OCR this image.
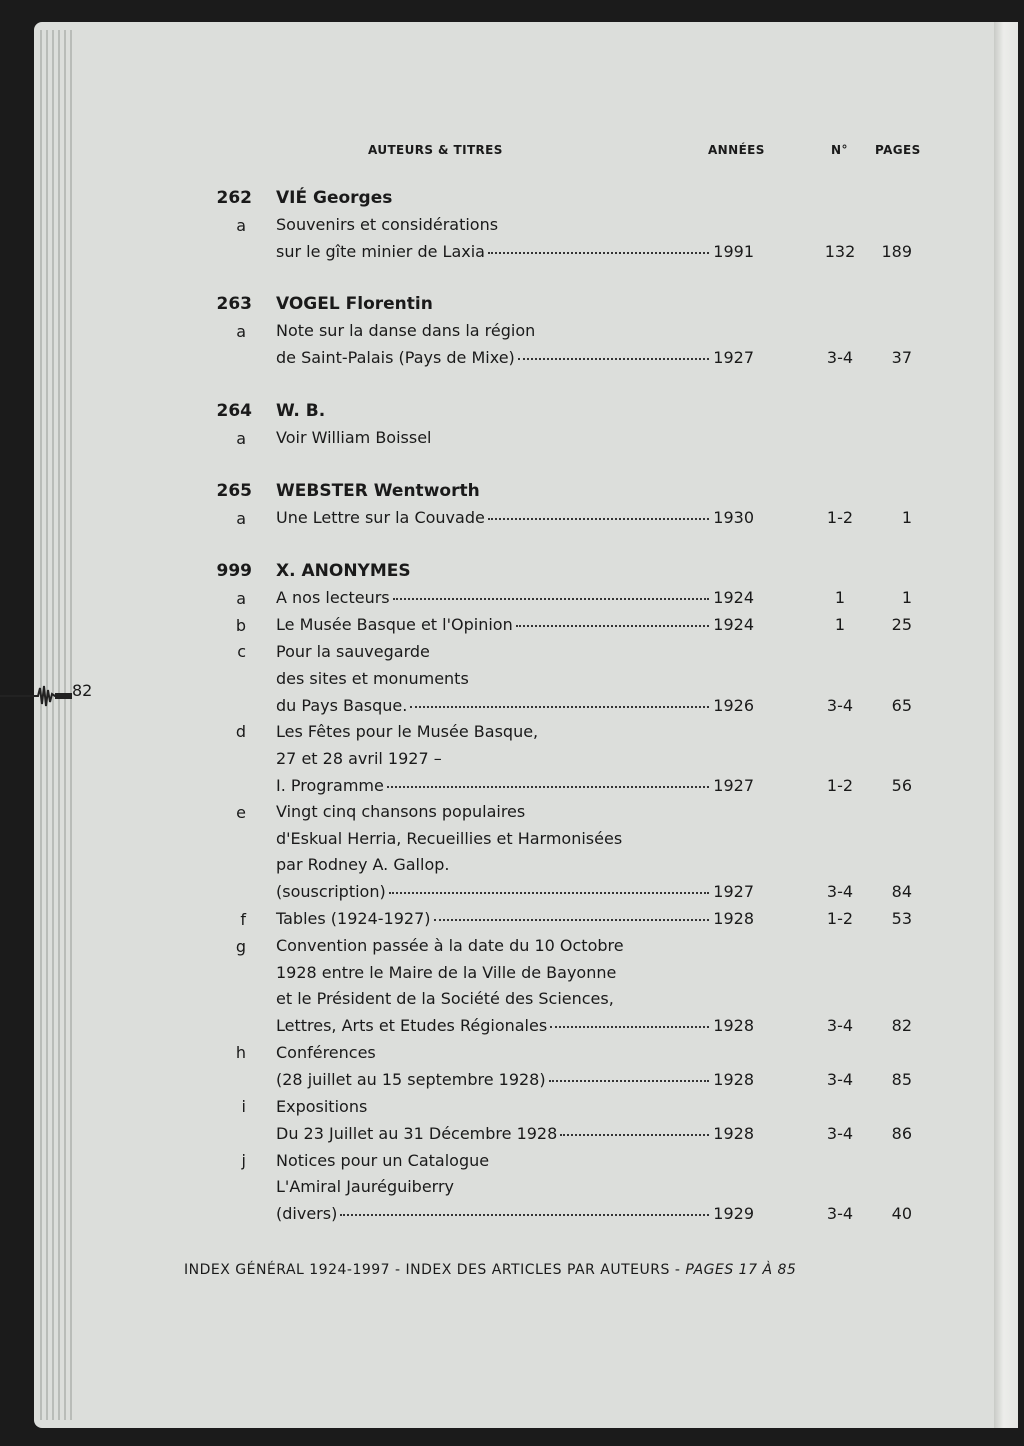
AUTEURS & TITRES	ANNÉES	N° PAGES
262 VIÉ Georges
a Souvenirs et considérations
sur le gîte minier de Laxia	1991	132	189
263 VOGEL Florentin
a Note sur la danse dans la région
de Saint-Palais (Pays de Mixe)	1927	3-4	37
264 W. B.
a Voir William Boissel
265 WEBSTER Wentworth
a Une Lettre sur la Couvade	1930	1-2	1
999 X. ANONYMES
a A nos lecteurs	1924	1	1
b Le Musée Basque et l'Opinion	1924	1	25
c Pour la sauvegarde
des sites et monuments
du Pays Basque.	1926	3-4	65
d Les Fêtes pour le Musée Basque,
27 et 28 avril 1927 –
I. Programme	1927	1-2	56
e Vingt cinq chansons populaires
d'Eskual Herria, Recueillies et Harmonisées
par Rodney A. Gallop.
(souscription)	1927	3-4	84
f Tables (1924-1927)	1928	1-2	53
g Convention passée à la date du 10 Octobre
1928 entre le Maire de la Ville de Bayonne
et le Président de la Société des Sciences,
Lettres, Arts et Etudes Régionales	1928	3-4	82
h Conférences
(28 juillet au 15 septembre 1928)	1928	3-4	85
i Expositions
Du 23 Juillet au 31 Décembre 1928	1928	3-4	86
j Notices pour un Catalogue
L'Amiral Jauréguiberry
(divers)	1929	3-4	40
82
INDEX GÉNÉRAL 1924-1997 - INDEX DES ARTICLES PAR AUTEURS - PAGES 17 À 85
